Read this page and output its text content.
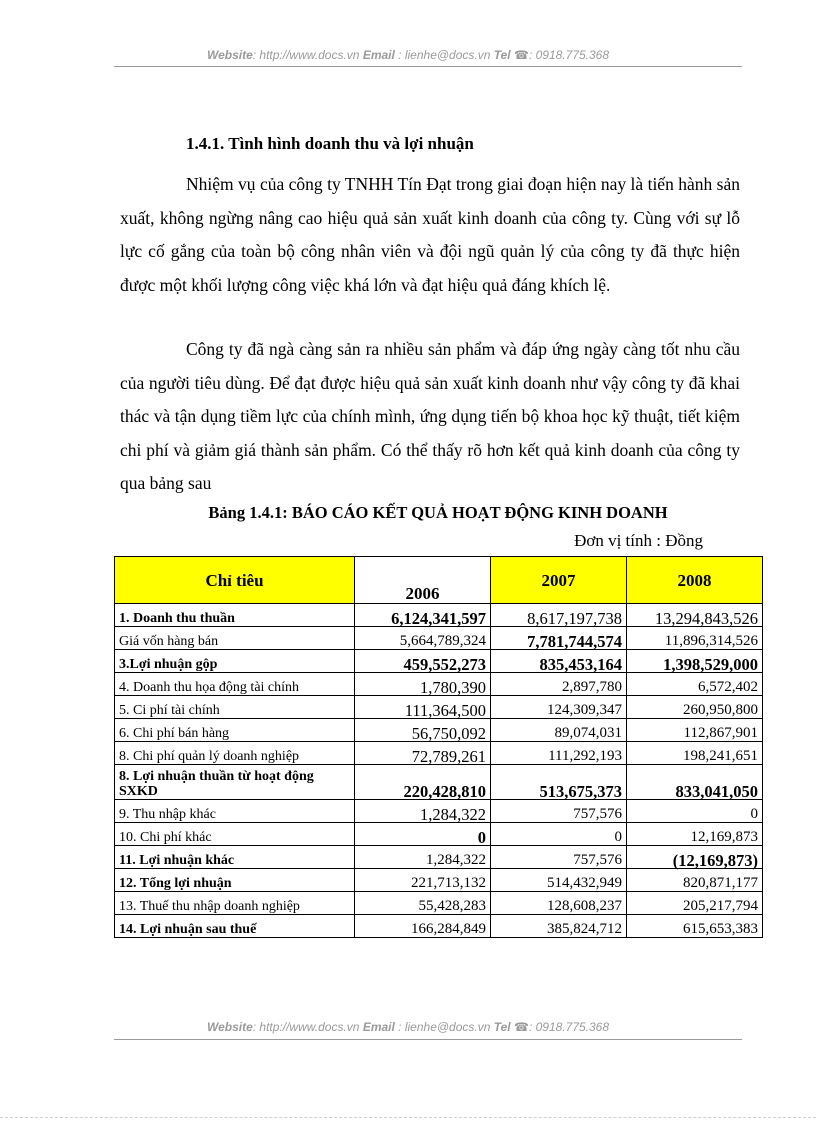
Website: http://www.docs.vn Email : lienhe@docs.vn Tel ☎: 0918.775.368
1.4.1. Tình hình doanh thu và lợi nhuận
Nhiệm vụ của công ty TNHH Tín Đạt trong giai đoạn hiện nay là tiến hành sản xuất, không ngừng nâng cao hiệu quả sản xuất kinh doanh của công ty. Cùng với sự lỗ lực cố gắng của toàn bộ công nhân viên và đội ngũ quản lý của công ty đã thực hiện được một khối lượng công việc khá lớn và đạt hiệu quả đáng khích lệ.
Công ty đã ngà càng sản ra nhiều sản phẩm và đáp ứng ngày càng tốt nhu cầu của người tiêu dùng. Để đạt được hiệu quả sản xuất kinh doanh như vậy công ty đã khai thác và tận dụng tiềm lực của chính mình, ứng dụng tiến bộ khoa học kỹ thuật, tiết kiệm chi phí và giảm giá thành sản phẩm. Có thể thấy rõ hơn kết quả kinh doanh của công ty qua bảng sau
Bảng 1.4.1: BÁO CÁO KẾT QUẢ HOẠT ĐỘNG KINH DOANH
Đơn vị tính : Đồng
Chỉ tiêu	2006	2007	2008
1. Doanh thu thuần	6,124,341,597	8,617,197,738	13,294,843,526
Giá vốn hàng bán	5,664,789,324	7,781,744,574	11,896,314,526
3.Lợi nhuận gộp	459,552,273	835,453,164	1,398,529,000
4. Doanh thu họa động tài chính	1,780,390	2,897,780	6,572,402
5. Ci phí tài chính	111,364,500	124,309,347	260,950,800
6. Chi phí bán hàng	56,750,092	89,074,031	112,867,901
8. Chi phí quản lý doanh nghiệp	72,789,261	111,292,193	198,241,651
8. Lợi nhuận thuần từ hoạt động SXKD	220,428,810	513,675,373	833,041,050
9. Thu nhập khác	1,284,322	757,576	0
10. Chi phí khác	0	0	12,169,873
11. Lợi nhuận khác	1,284,322	757,576	(12,169,873)
12. Tổng lợi nhuận	221,713,132	514,432,949	820,871,177
13. Thuế thu nhập doanh nghiệp	55,428,283	128,608,237	205,217,794
14. Lợi nhuận sau thuế	166,284,849	385,824,712	615,653,383
Website: http://www.docs.vn Email : lienhe@docs.vn Tel ☎: 0918.775.368
